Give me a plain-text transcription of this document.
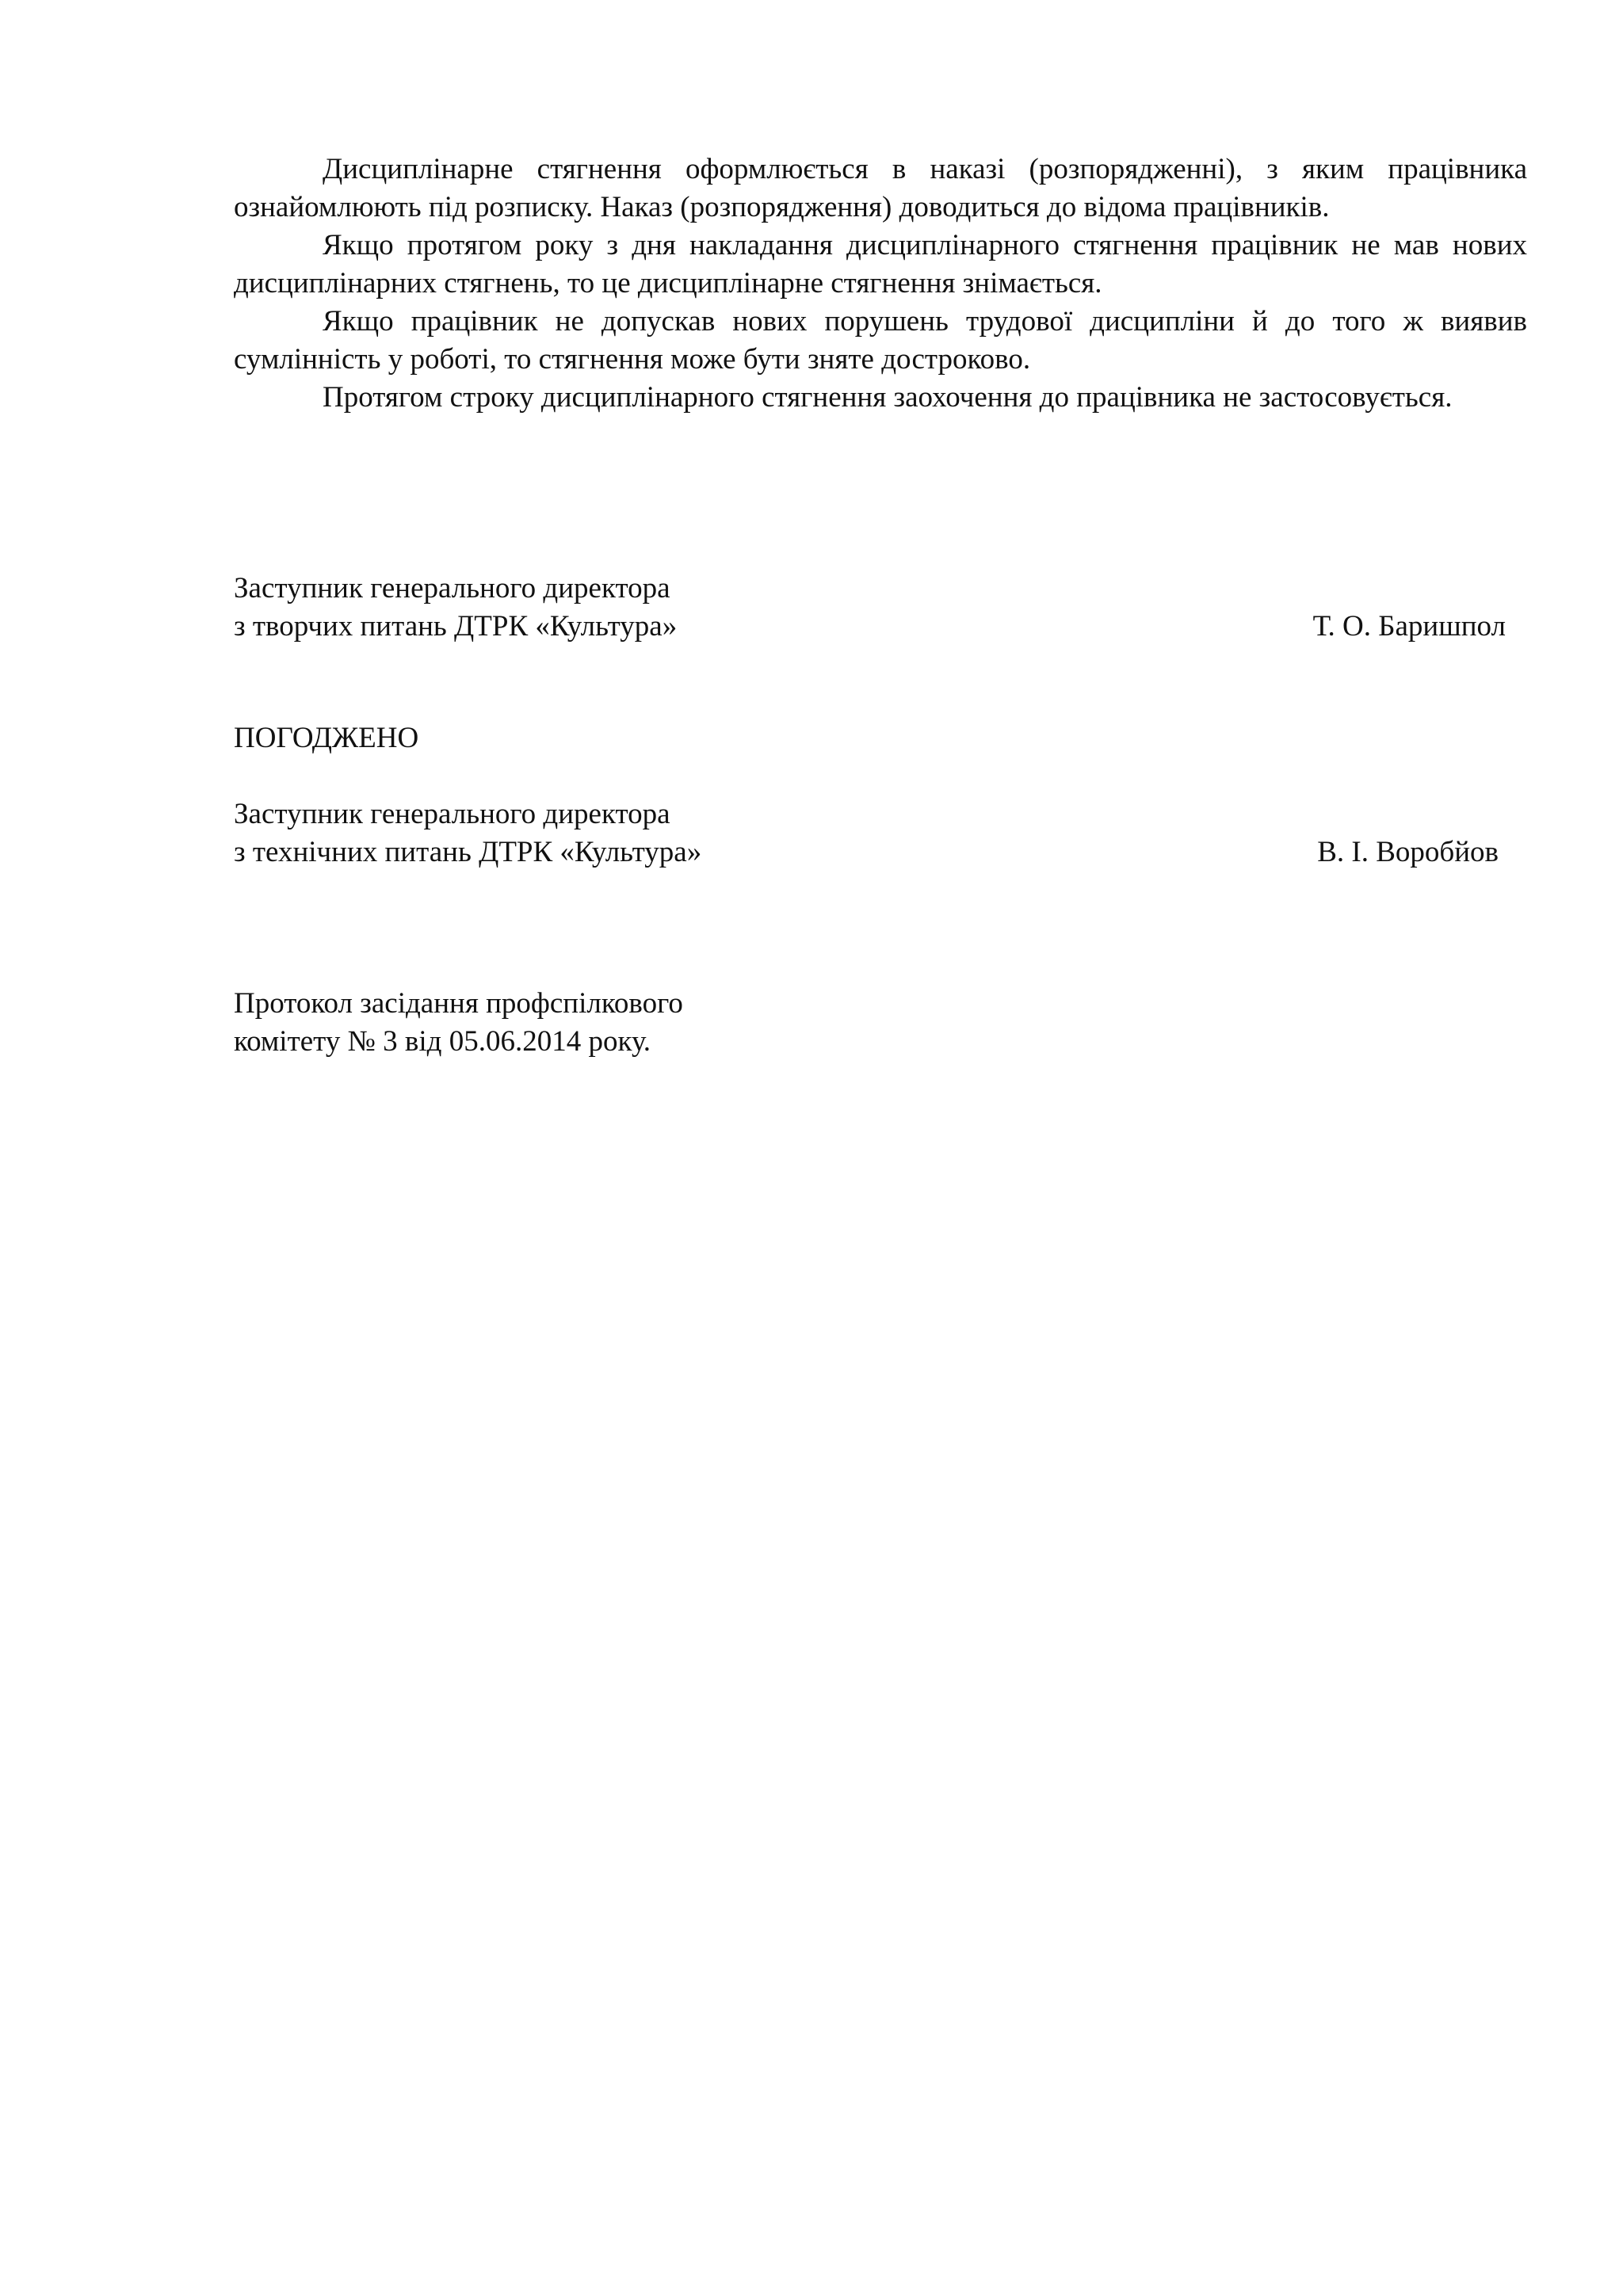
Дисциплінарне стягнення оформлюється в наказі (розпорядженні), з яким працівника ознайомлюють під розписку. Наказ (розпорядження) доводиться до відома працівників.

Якщо протягом року з дня накладання дисциплінарного стягнення працівник не мав нових дисциплінарних стягнень, то це дисциплінарне стягнення знімається.

Якщо працівник не допускав нових порушень трудової дисципліни й до того ж виявив сумлінність у роботі, то стягнення може бути зняте достроково.

Протягом строку дисциплінарного стягнення заохочення до працівника не застосовується.

Заступник генерального директора
з творчих питань ДТРК «Культура»	Т. О. Баришпол
ПОГОДЖЕНО
Заступник генерального директора
з технічних питань ДТРК «Культура»	В. І. Воробйов
Протокол засідання профспілкового
комітету № 3 від 05.06.2014 року.
